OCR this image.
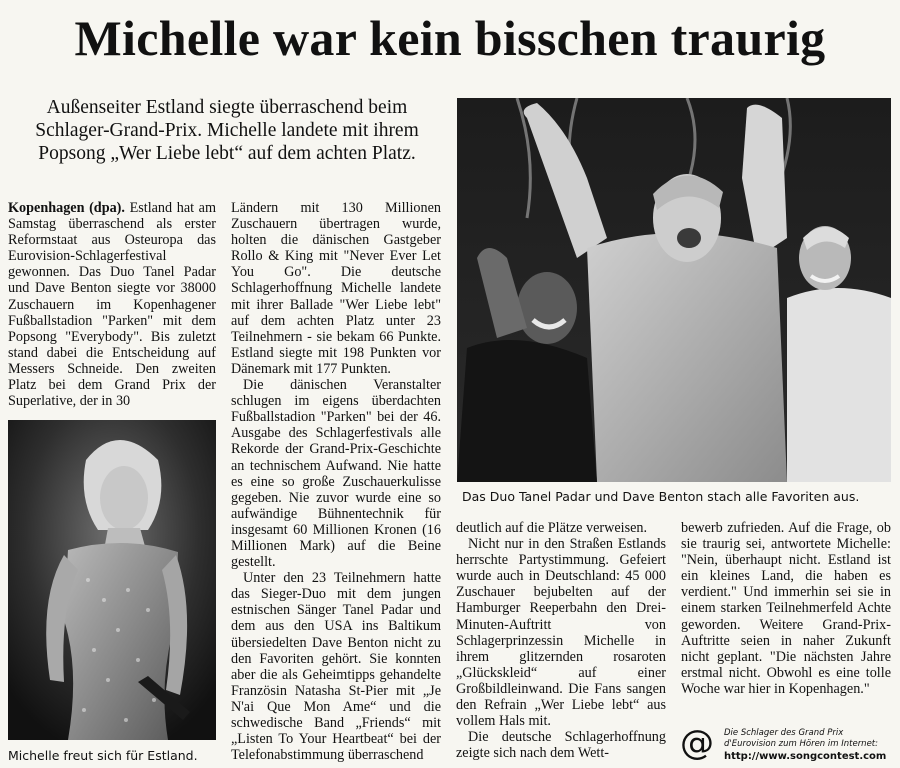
Michelle war kein bisschen traurig
Außenseiter Estland siegte überraschend beim Schlager-Grand-Prix. Michelle landete mit ihrem Popsong „Wer Liebe lebt“ auf dem achten Platz.

Kopenhagen (dpa). Estland hat am Samstag überraschend als erster Reformstaat aus Osteuropa das Eurovision-Schlagerfestival gewonnen. Das Duo Tanel Padar und Dave Benton siegte vor 38000 Zuschauern im Kopenhagener Fußballstadion "Parken" mit dem Popsong "Everybody". Bis zuletzt stand dabei die Entscheidung auf Messers Schneide. Den zweiten Platz bei dem Grand Prix der Superlative, der in 30

Michelle freut sich für Estland.

Ländern mit 130 Millionen Zuschauern übertragen wurde, holten die dänischen Gastgeber Rollo & King mit "Never Ever Let You Go". Die deutsche Schlagerhoffnung Michelle landete mit ihrer Ballade "Wer Liebe lebt" auf dem achten Platz unter 23 Teilnehmern - sie bekam 66 Punkte. Estland siegte mit 198 Punkten vor Dänemark mit 177 Punkten.

Die dänischen Veranstalter schlugen im eigens überdachten Fußballstadion "Parken" bei der 46. Ausgabe des Schlagerfestivals alle Rekorde der Grand-Prix-Geschichte an technischem Aufwand. Nie hatte es eine so große Zuschauerkulisse gegeben. Nie zuvor wurde eine so aufwändige Bühnentechnik für insgesamt 60 Millionen Kronen (16 Millionen Mark) auf die Beine gestellt.

Unter den 23 Teilnehmern hatte das Sieger-Duo mit dem jungen estnischen Sänger Tanel Padar und dem aus den USA ins Baltikum übersiedelten Dave Benton nicht zu den Favoriten gehört. Sie konnten aber die als Geheimtipps gehandelte Französin Natasha St-Pier mit „Je N'ai Que Mon Ame“ und die schwedische Band „Friends“ mit „Listen To Your Heartbeat“ bei der Telefonabstimmung überraschend

Das Duo Tanel Padar und Dave Benton stach alle Favoriten aus.

deutlich auf die Plätze verweisen.

Nicht nur in den Straßen Estlands herrschte Partystimmung. Gefeiert wurde auch in Deutschland: 45 000 Zuschauer bejubelten auf der Hamburger Reeperbahn den Drei-Minuten-Auftritt von Schlagerprinzessin Michelle in ihrem glitzernden rosaroten „Glückskleid“ auf einer Großbildleinwand. Die Fans sangen den Refrain „Wer Liebe lebt“ aus vollem Hals mit.

Die deutsche Schlagerhoffnung zeigte sich nach dem Wett-

bewerb zufrieden. Auf die Frage, ob sie traurig sei, antwortete Michelle: "Nein, überhaupt nicht. Estland ist ein kleines Land, die haben es verdient." Und immerhin sei sie in einem starken Teilnehmerfeld Achte geworden. Weitere Grand-Prix-Auftritte seien in naher Zukunft nicht geplant. "Die nächsten Jahre erstmal nicht. Obwohl es eine tolle Woche war hier in Kopenhagen."

@ Die Schlager des Grand Prix d'Eurovision zum Hören im Internet:
http://www.songcontest.com
